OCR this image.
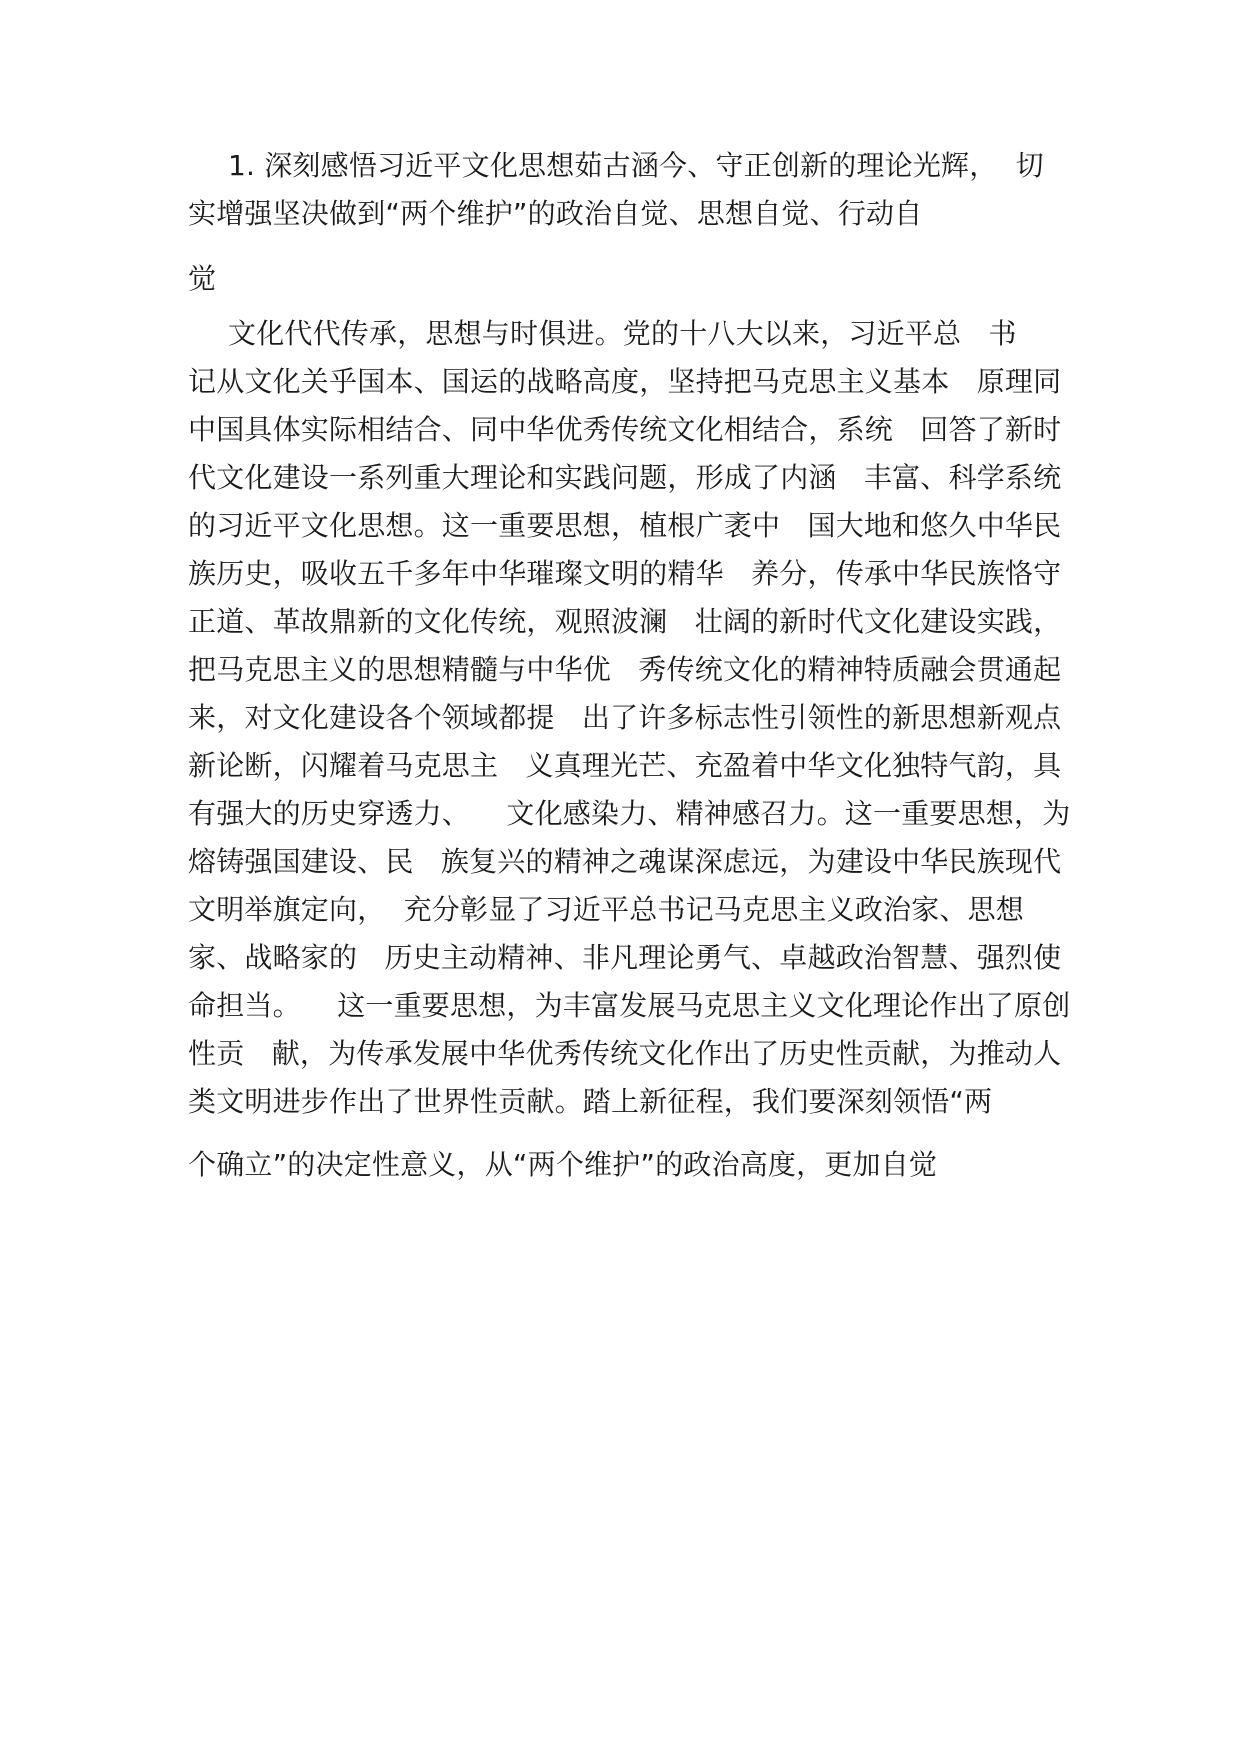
1. 深刻感悟习近平文化思想茹古涵今、守正创新的理论光辉，  切
实增强坚决做到“两个维护”的政治自觉、思想自觉、行动自
觉
文化代代传承，思想与时俱进。党的十八大以来，习近平总   书
记从文化关乎国本、国运的战略高度，坚持把马克思主义基本   原理同
中国具体实际相结合、同中华优秀传统文化相结合，系统   回答了新时
代文化建设一系列重大理论和实践问题，形成了内涵   丰富、科学系统
的习近平文化思想。这一重要思想，植根广袤中   国大地和悠久中华民
族历史，吸收五千多年中华璀璨文明的精华   养分，传承中华民族恪守
正道、革故鼎新的文化传统，观照波澜   壮阔的新时代文化建设实践，
把马克思主义的思想精髓与中华优   秀传统文化的精神特质融会贯通起
来，对文化建设各个领域都提   出了许多标志性引领性的新思想新观点
新论断，闪耀着马克思主   义真理光芒、充盈着中华文化独特气韵，具
有强大的历史穿透力、    文化感染力、精神感召力。这一重要思想，为
熔铸强国建设、民   族复兴的精神之魂谋深虑远，为建设中华民族现代
文明举旗定向，  充分彰显了习近平总书记马克思主义政治家、思想
家、战略家的   历史主动精神、非凡理论勇气、卓越政治智慧、强烈使
命担当。    这一重要思想，为丰富发展马克思主义文化理论作出了原创
性贡   献，为传承发展中华优秀传统文化作出了历史性贡献，为推动人
类文明进步作出了世界性贡献。踏上新征程，我们要深刻领悟“两
个确立”的决定性意义，从“两个维护”的政治高度，更加自觉
